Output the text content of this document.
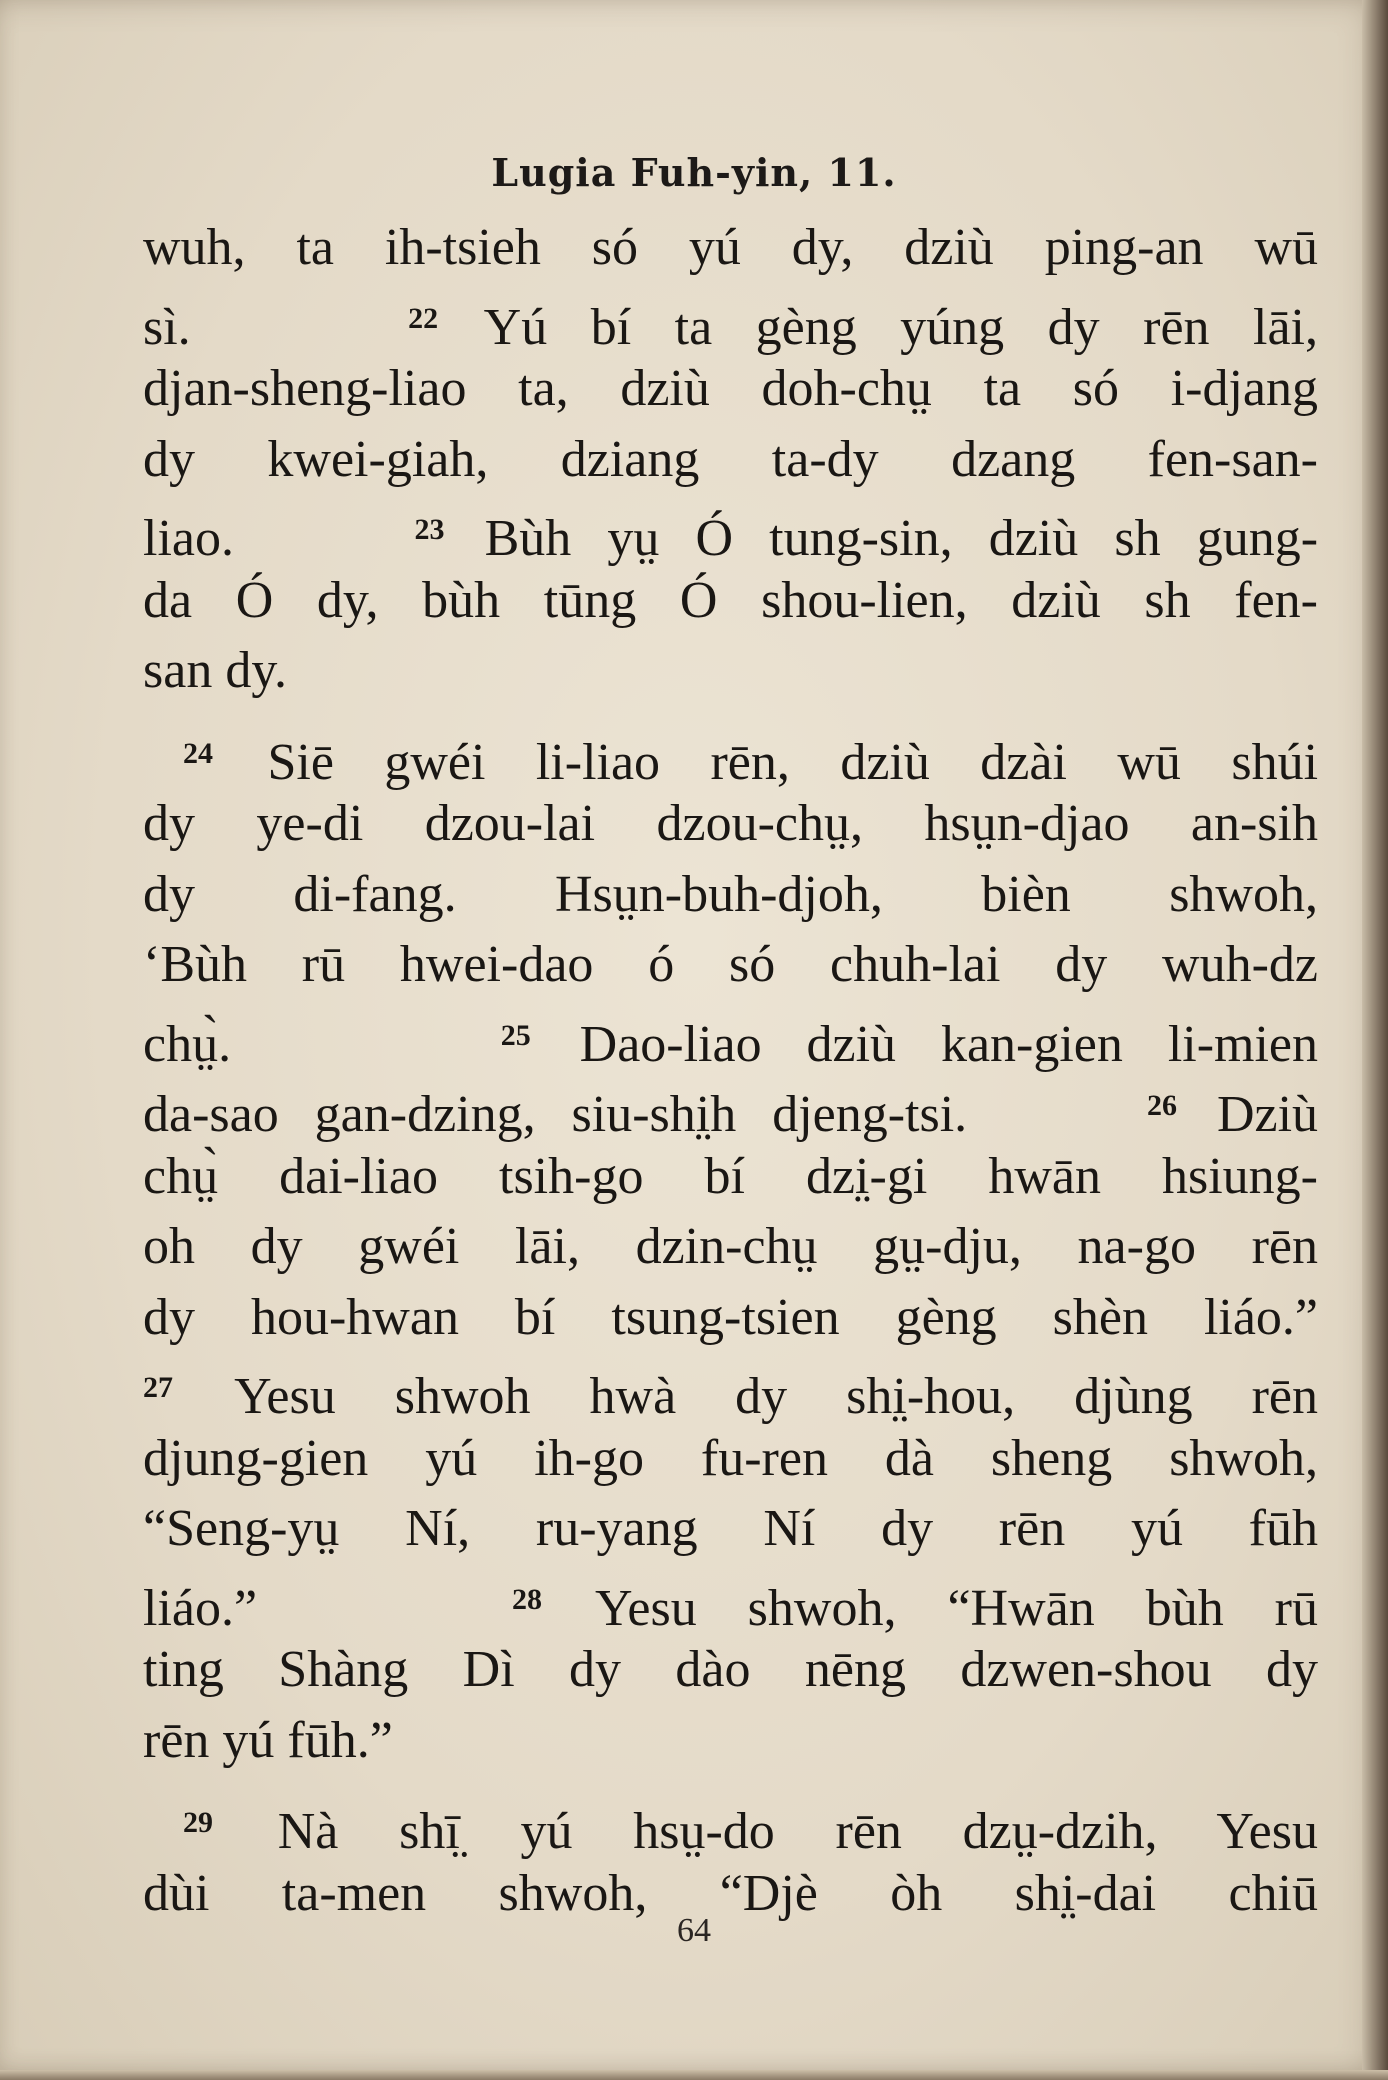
Lugia Fuh-yin, 11.
wuh, ta ih-tsieh só yú dy, dziù ping-an wū
sì.	$^{22}$ Yú bí ta gèng yúng dy rēn lāi,
djan-sheng-liao ta, dziù doh-chṳ ta só i-djang
dy kwei-giah, dziang ta-dy dzang fen-san-
liao.	$^{23}$ Bùh yṳ Ó tung-sin, dziù sh gung-
da Ó dy, bùh tūng Ó shou-lien, dziù sh fen-
san dy.
$^{24}$ Siē gwéi li-liao rēn, dziù dzài wū shúi
dy ye-di dzou-lai dzou-chṳ, hsṳn-djao an-sih
dy di-fang. Hsṳn-buh-djoh, bièn shwoh,
‘Bùh rū hwei-dao ó só chuh-lai dy wuh-dz
chṳ̀.	$^{25}$ Dao-liao dziù kan-gien li-mien
da-sao gan-dzing, siu-shi̤h djeng-tsi.	$^{26}$ Dziù
chṳ̀ dai-liao tsih-go bí dzi̤-gi hwān hsiung-
oh dy gwéi lāi, dzin-chṳ gṳ-dju, na-go rēn
dy hou-hwan bí tsung-tsien gèng shèn liáo.”
$^{27}$ Yesu shwoh hwà dy shi̤-hou, djùng rēn
djung-gien yú ih-go fu-ren dà sheng shwoh,
“Seng-yṳ Ní, ru-yang Ní dy rēn yú fūh
liáo.”	$^{28}$ Yesu shwoh, “Hwān bùh rū
ting Shàng Dì dy dào nēng dzwen-shou dy
rēn yú fūh.”
$^{29}$ Nà shī̤ yú hsṳ-do rēn dzṳ-dzih, Yesu
dùi ta-men shwoh, “Djè òh shi̤-dai chiū
64
